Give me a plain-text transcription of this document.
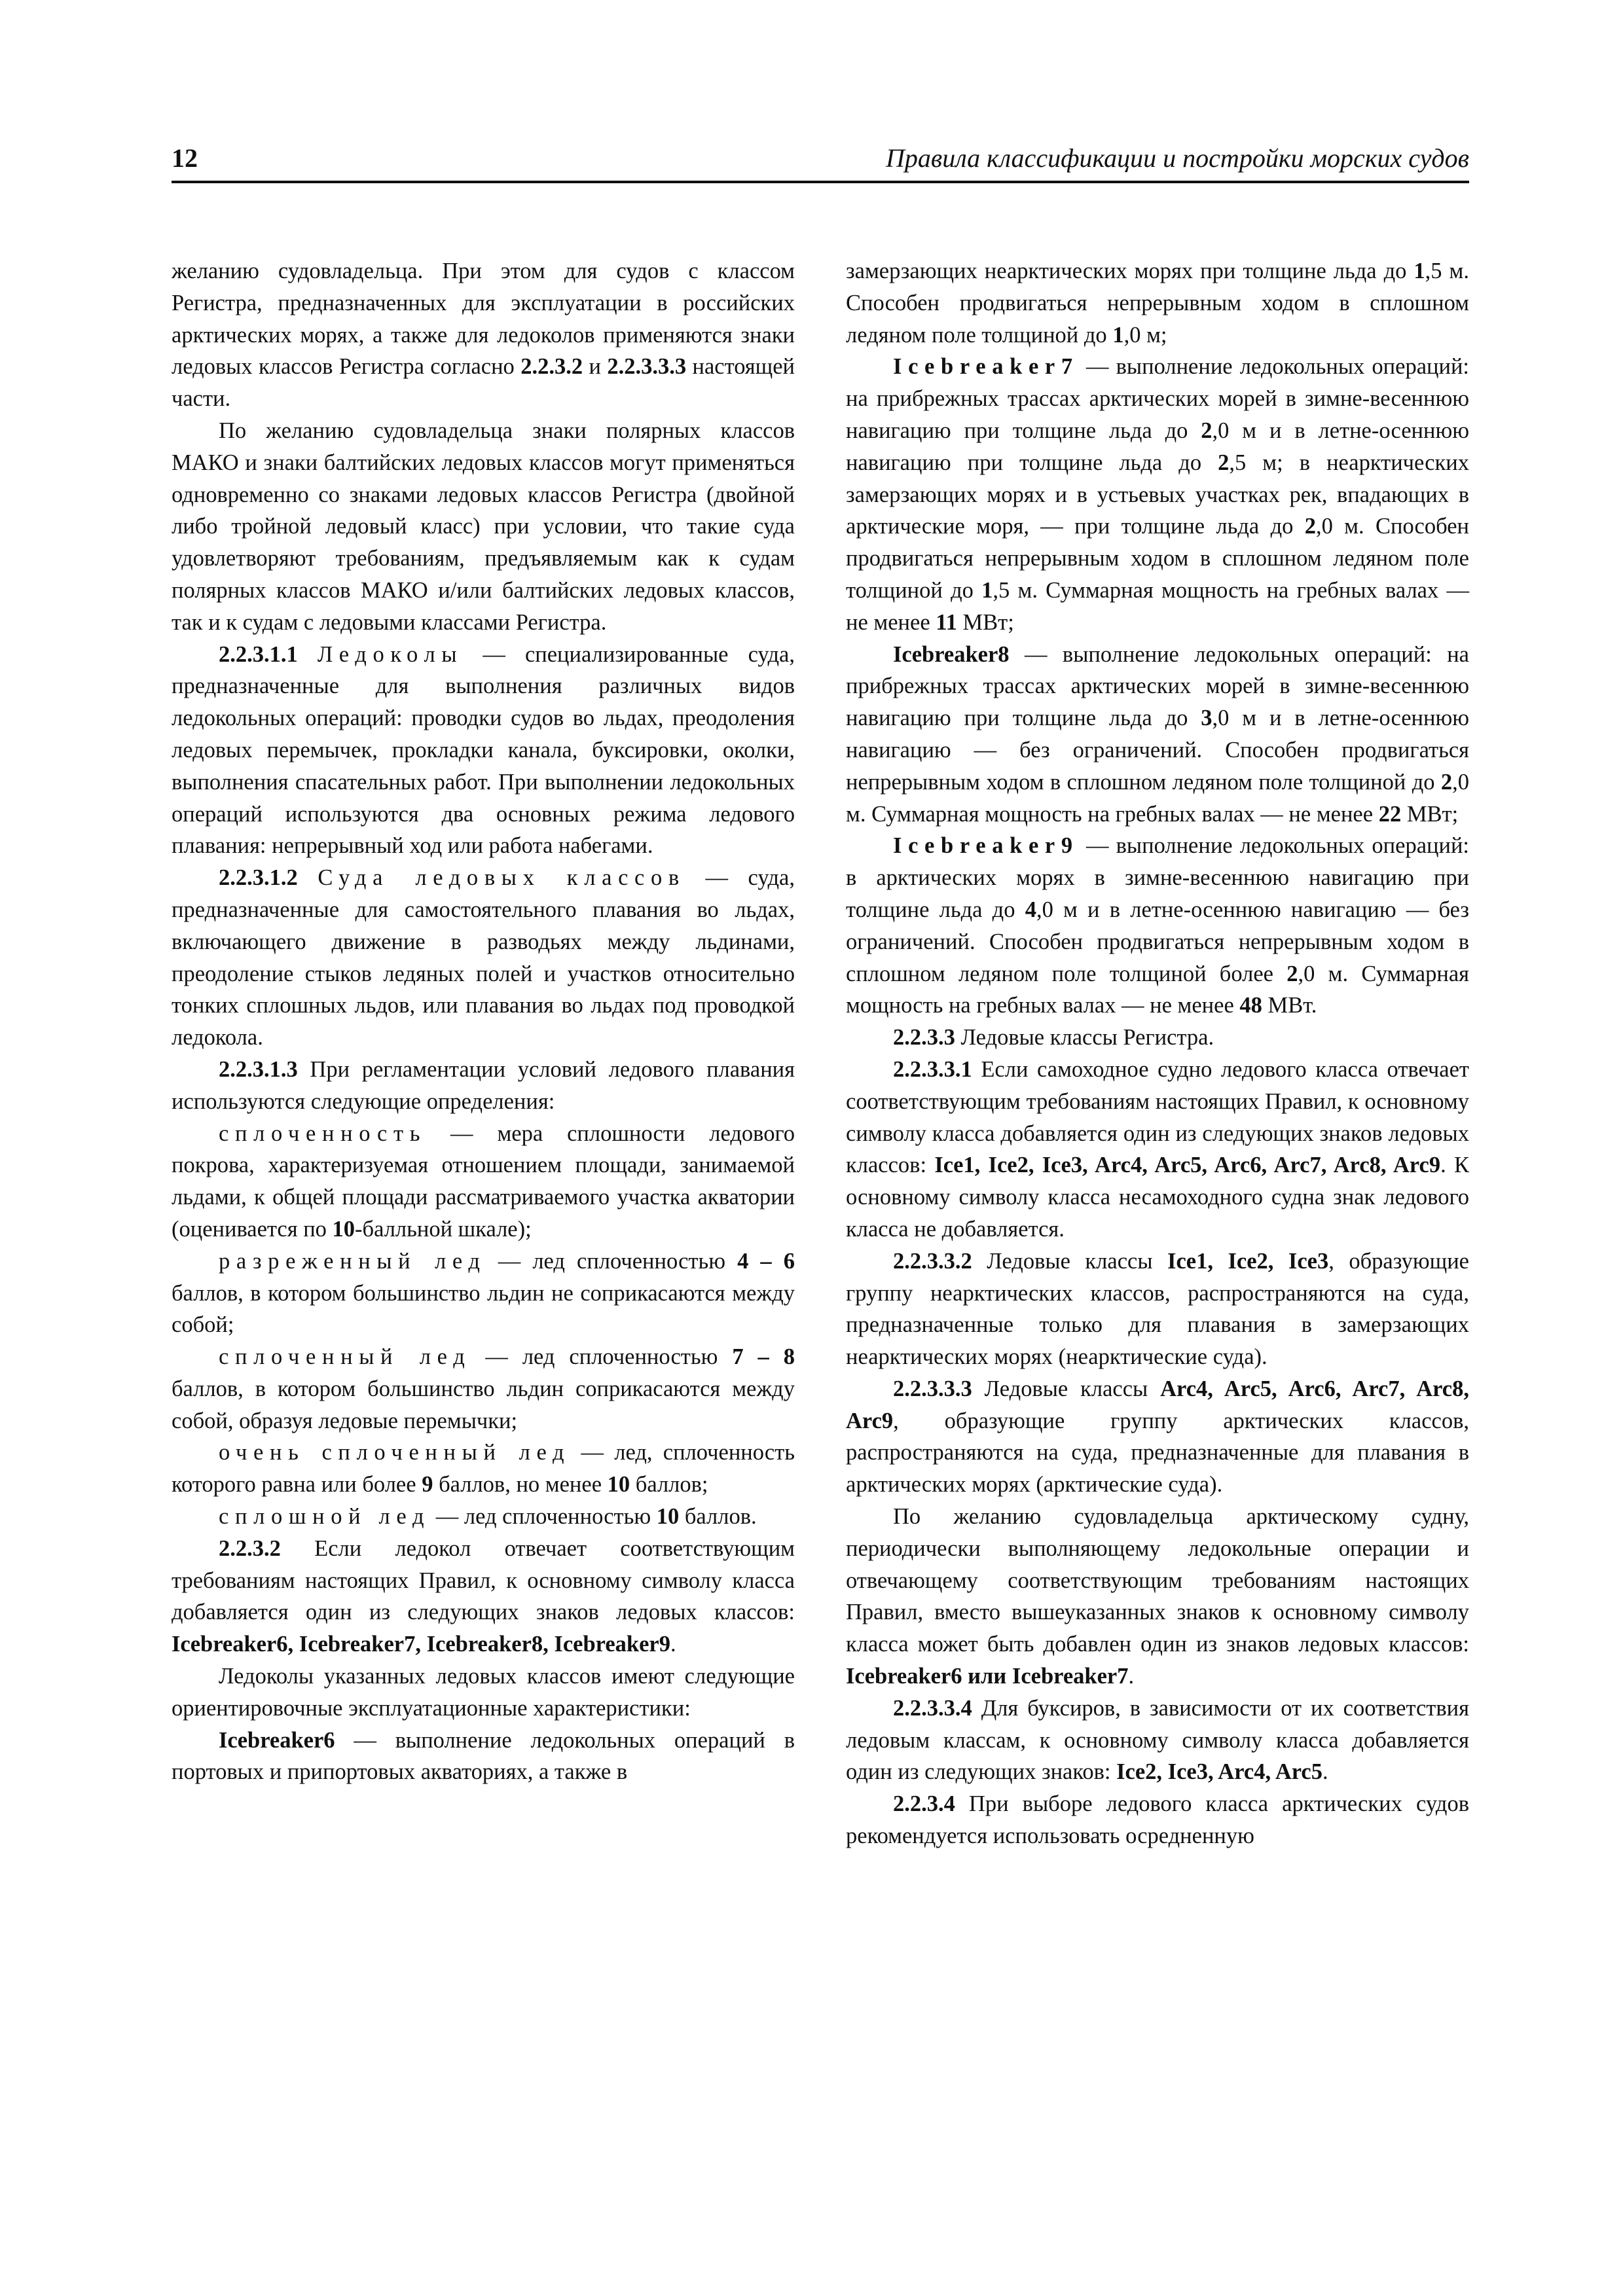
12	Правила классификации и постройки морских судов

желанию судовладельца. При этом для судов с классом Регистра, предназначенных для эксплуатации в российских арктических морях, а также для ледоколов применяются знаки ледовых классов Регистра согласно 2.2.3.2 и 2.2.3.3.3 настоящей части.

По желанию судовладельца знаки полярных классов МАКО и знаки балтийских ледовых классов могут применяться одновременно со знаками ледовых классов Регистра (двойной либо тройной ледовый класс) при условии, что такие суда удовлетворяют требованиям, предъявляемым как к судам полярных классов МАКО и/или балтийских ледовых классов, так и к судам с ледовыми классами Регистра.

2.2.3.1.1 Ледоколы — специализированные суда, предназначенные для выполнения различных видов ледокольных операций: проводки судов во льдах, преодоления ледовых перемычек, прокладки канала, буксировки, околки, выполнения спасательных работ. При выполнении ледокольных операций используются два основных режима ледового плавания: непрерывный ход или работа набегами.

2.2.3.1.2 Суда ледовых классов — суда, предназначенные для самостоятельного плавания во льдах, включающего движение в разводьях между льдинами, преодоление стыков ледяных полей и участков относительно тонких сплошных льдов, или плавания во льдах под проводкой ледокола.

2.2.3.1.3 При регламентации условий ледового плавания используются следующие определения:

сплоченность — мера сплошности ледового покрова, характеризуемая отношением площади, занимаемой льдами, к общей площади рассматриваемого участка акватории (оценивается по 10-балльной шкале);

разреженный лед — лед сплоченностью 4 – 6 баллов, в котором большинство льдин не соприкасаются между собой;

сплоченный лед — лед сплоченностью 7 – 8 баллов, в котором большинство льдин соприкасаются между собой, образуя ледовые перемычки;

очень сплоченный лед — лед, сплоченность которого равна или более 9 баллов, но менее 10 баллов;

сплошной лед — лед сплоченностью 10 баллов.

2.2.3.2 Если ледокол отвечает соответствующим требованиям настоящих Правил, к основному символу класса добавляется один из следующих знаков ледовых классов: Icebreaker6, Icebreaker7, Icebreaker8, Icebreaker9.

Ледоколы указанных ледовых классов имеют следующие ориентировочные эксплуатационные характеристики:

Icebreaker6 — выполнение ледокольных операций в портовых и припортовых акваториях, а также в

замерзающих неарктических морях при толщине льда до 1,5 м. Способен продвигаться непрерывным ходом в сплошном ледяном поле толщиной до 1,0 м;

Icebreaker7 — выполнение ледокольных операций: на прибрежных трассах арктических морей в зимне-весеннюю навигацию при толщине льда до 2,0 м и в летне-осеннюю навигацию при толщине льда до 2,5 м; в неарктических замерзающих морях и в устьевых участках рек, впадающих в арктические моря, — при толщине льда до 2,0 м. Способен продвигаться непрерывным ходом в сплошном ледяном поле толщиной до 1,5 м. Суммарная мощность на гребных валах — не менее 11 МВт;

Icebreaker8 — выполнение ледокольных операций: на прибрежных трассах арктических морей в зимне-весеннюю навигацию при толщине льда до 3,0 м и в летне-осеннюю навигацию — без ограничений. Способен продвигаться непрерывным ходом в сплошном ледяном поле толщиной до 2,0 м. Суммарная мощность на гребных валах — не менее 22 МВт;

Icebreaker9 — выполнение ледокольных операций: в арктических морях в зимне-весеннюю навигацию при толщине льда до 4,0 м и в летне-осеннюю навигацию — без ограничений. Способен продвигаться непрерывным ходом в сплошном ледяном поле толщиной более 2,0 м. Суммарная мощность на гребных валах — не менее 48 МВт.

2.2.3.3 Ледовые классы Регистра.

2.2.3.3.1 Если самоходное судно ледового класса отвечает соответствующим требованиям настоящих Правил, к основному символу класса добавляется один из следующих знаков ледовых классов: Ice1, Ice2, Ice3, Arc4, Arc5, Arc6, Arc7, Arc8, Arc9. К основному символу класса несамоходного судна знак ледового класса не добавляется.

2.2.3.3.2 Ледовые классы Ice1, Ice2, Ice3, образующие группу неарктических классов, распространяются на суда, предназначенные только для плавания в замерзающих неарктических морях (неарктические суда).

2.2.3.3.3 Ледовые классы Arc4, Arc5, Arc6, Arc7, Arc8, Arc9, образующие группу арктических классов, распространяются на суда, предназначенные для плавания в арктических морях (арктические суда).

По желанию судовладельца арктическому судну, периодически выполняющему ледокольные операции и отвечающему соответствующим требованиям настоящих Правил, вместо вышеуказанных знаков к основному символу класса может быть добавлен один из знаков ледовых классов: Icebreaker6 или Icebreaker7.

2.2.3.3.4 Для буксиров, в зависимости от их соответствия ледовым классам, к основному символу класса добавляется один из следующих знаков: Ice2, Ice3, Arc4, Arc5.

2.2.3.4 При выборе ледового класса арктических судов рекомендуется использовать осредненную
